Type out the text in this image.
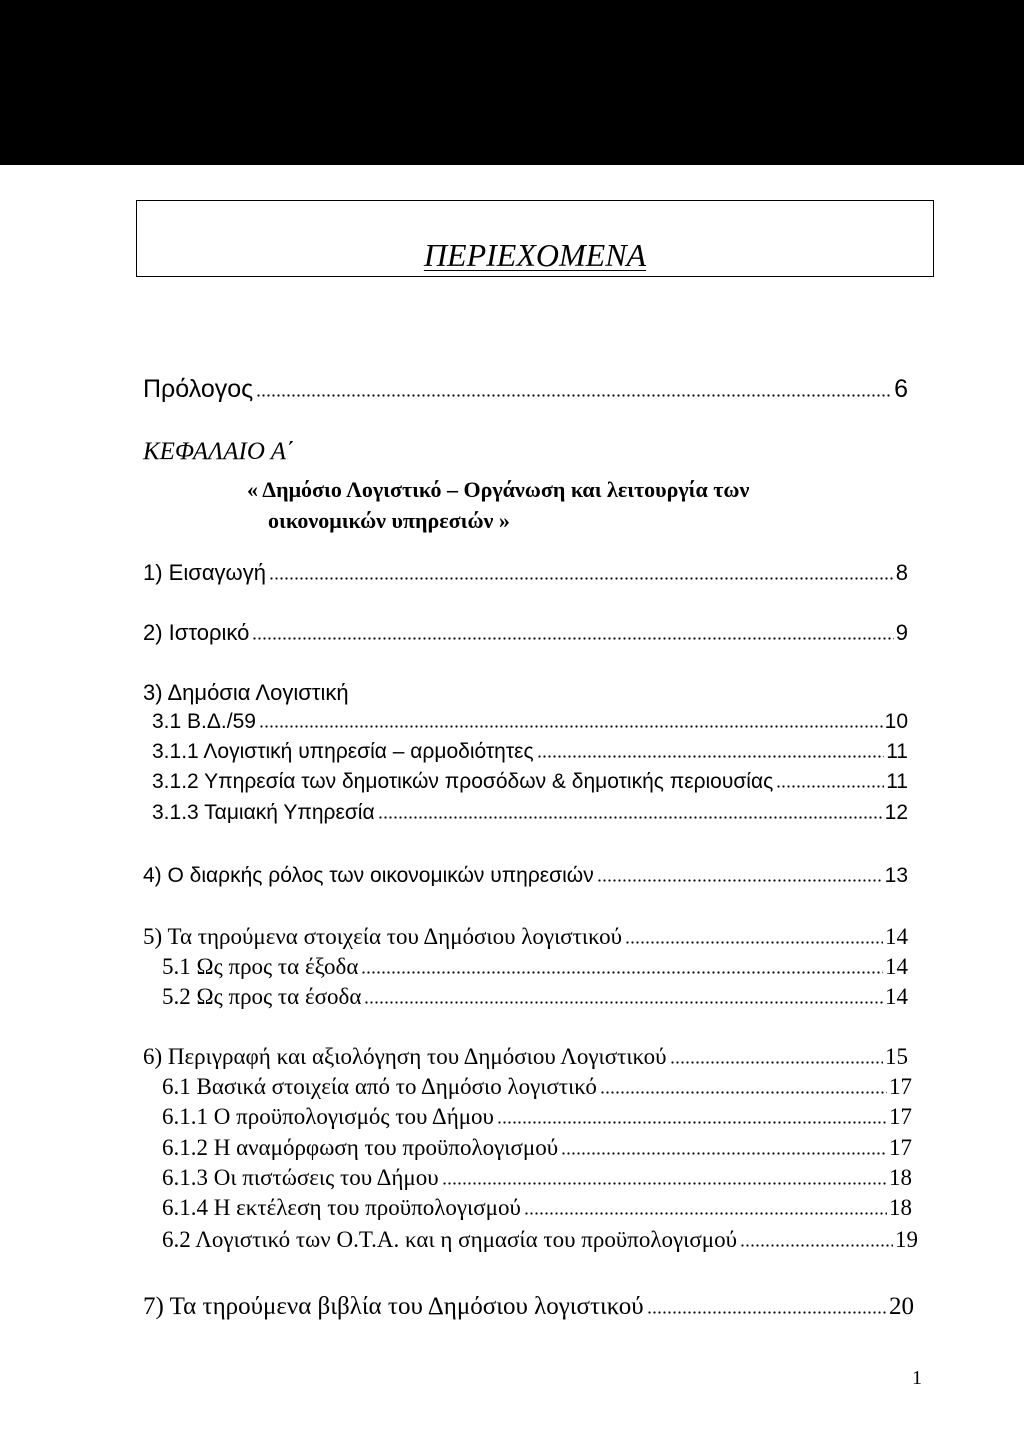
ΠΕΡΙΕΧΟΜΕΝΑ
Πρόλογος	6
ΚΕΦΑΛΑΙΟ Α΄
« Δημόσιο Λογιστικό – Οργάνωση και λειτουργία των
οικονομικών υπηρεσιών »
1) Εισαγωγή	8
2) Ιστορικό	9
3) Δημόσια Λογιστική
3.1 Β.Δ./59	10
3.1.1 Λογιστική υπηρεσία – αρμοδιότητες	11
3.1.2 Υπηρεσία των δημοτικών προσόδων & δημοτικής περιουσίας	11
3.1.3 Ταμιακή Υπηρεσία	12
4) Ο διαρκής ρόλος των οικονομικών υπηρεσιών	13
5) Τα τηρούμενα στοιχεία του Δημόσιου λογιστικού	14
5.1 Ως προς τα έξοδα	14
5.2 Ως προς τα έσοδα	14
6) Περιγραφή και αξιολόγηση του Δημόσιου Λογιστικού	15
6.1 Βασικά στοιχεία από το Δημόσιο λογιστικό	17
6.1.1 Ο προϋπολογισμός του Δήμου	17
6.1.2 Η αναμόρφωση του προϋπολογισμού	17
6.1.3 Οι πιστώσεις του Δήμου	18
6.1.4 Η εκτέλεση του προϋπολογισμού	18
6.2 Λογιστικό των Ο.Τ.Α. και η σημασία του προϋπολογισμού	19
7) Τα τηρούμενα βιβλία του Δημόσιου λογιστικού	20
1
